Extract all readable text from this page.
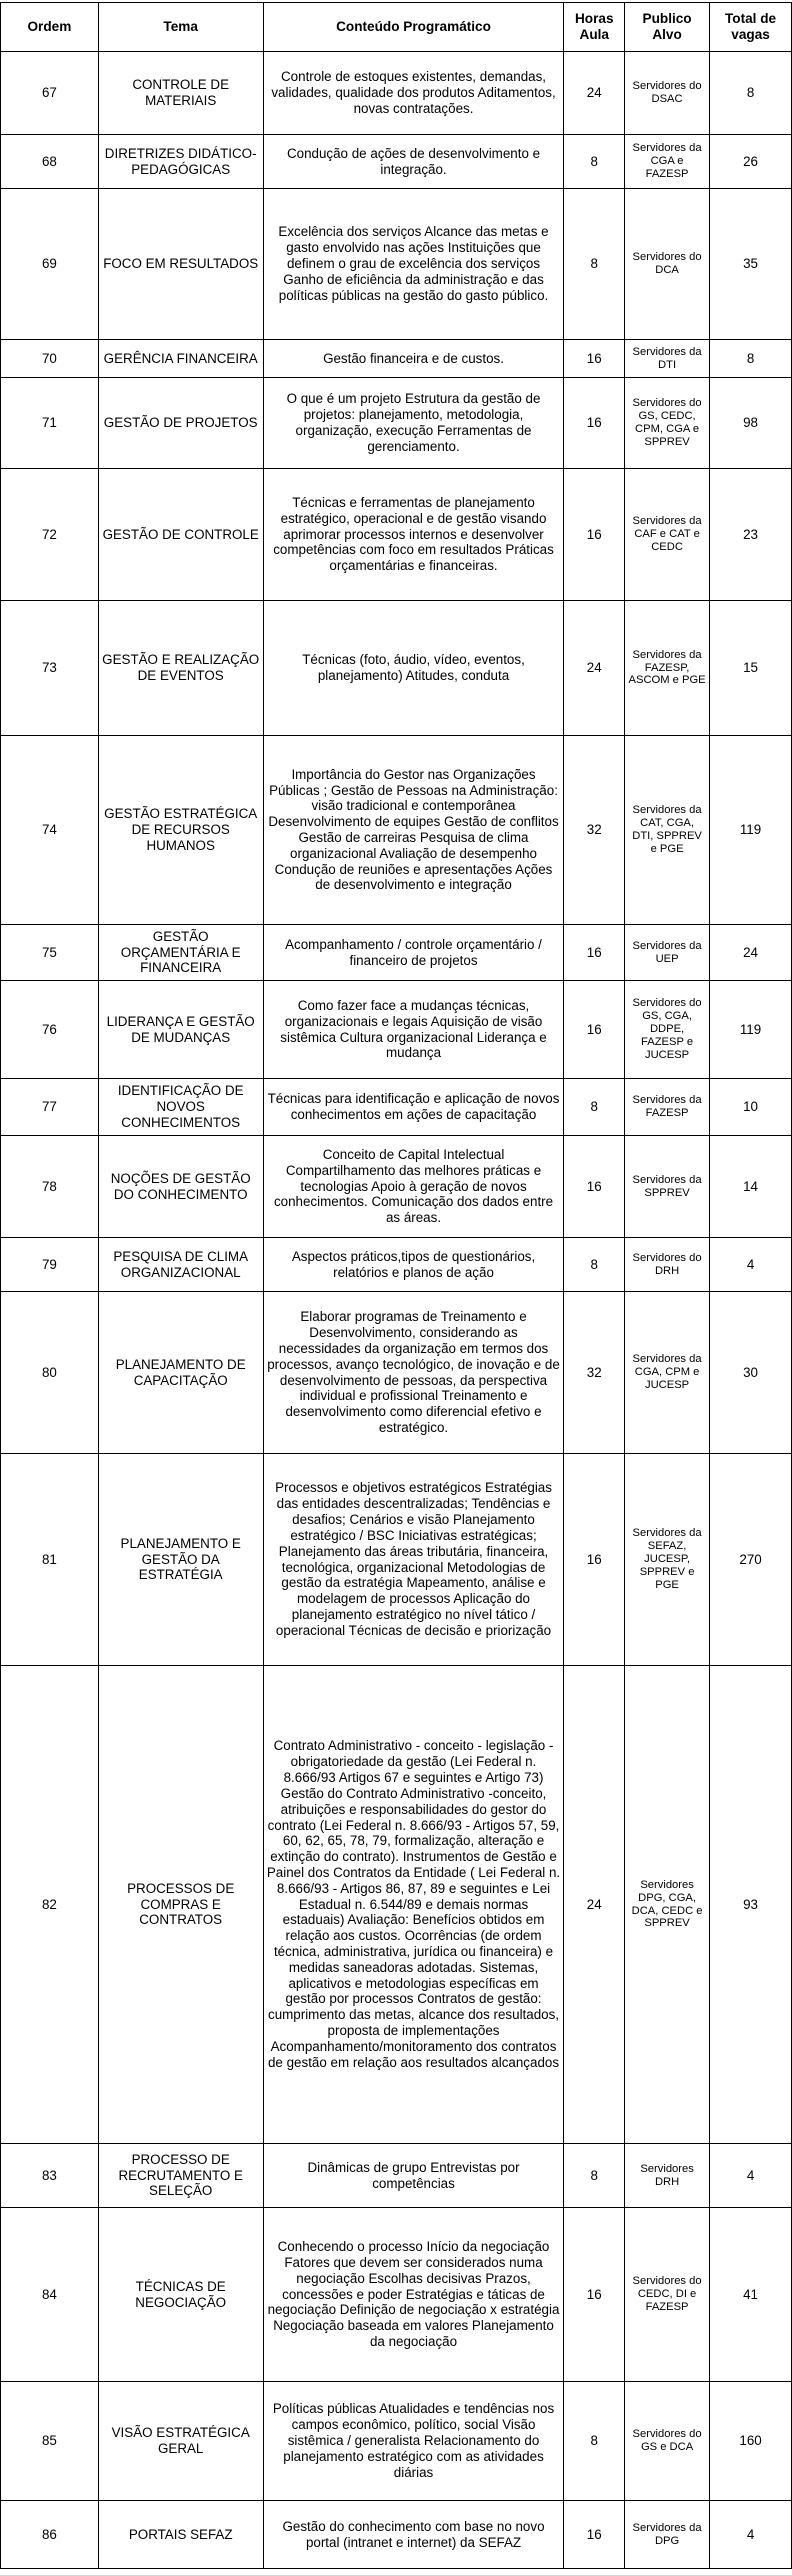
Ordem	Tema	Conteúdo Programático	Horas Aula	Publico Alvo	Total de vagas
67	CONTROLE DE MATERIAIS	Controle de estoques existentes, demandas, validades, qualidade dos produtos Aditamentos, novas contratações.	24	Servidores do DSAC	8
68	DIRETRIZES DIDÁTICO-PEDAGÓGICAS	Condução de ações de desenvolvimento e integração.	8	Servidores da CGA e FAZESP	26
69	FOCO EM RESULTADOS	Excelência dos serviços Alcance das metas e gasto envolvido nas ações Instituições que definem o grau de excelência dos serviços Ganho de eficiência da administração e das políticas públicas na gestão do gasto público.	8	Servidores do DCA	35
70	GERÊNCIA FINANCEIRA	Gestão financeira e de custos.	16	Servidores da DTI	8
71	GESTÃO DE PROJETOS	O que é um projeto Estrutura da gestão de projetos: planejamento, metodologia, organização, execução Ferramentas de gerenciamento.	16	Servidores do GS, CEDC, CPM, CGA e SPPREV	98
72	GESTÃO DE CONTROLE	Técnicas e ferramentas de planejamento estratégico, operacional e de gestão visando aprimorar processos internos e desenvolver competências com foco em resultados Práticas orçamentárias e financeiras.	16	Servidores da CAF e CAT e CEDC	23
73	GESTÃO E REALIZAÇÃO DE EVENTOS	Técnicas (foto, áudio, vídeo, eventos, planejamento) Atitudes, conduta	24	Servidores da FAZESP, ASCOM e PGE	15
74	GESTÃO ESTRATÉGICA DE RECURSOS HUMANOS	Importância do Gestor nas Organizações Públicas ; Gestão de Pessoas na Administração: visão tradicional e contemporânea Desenvolvimento de equipes Gestão de conflitos Gestão de carreiras Pesquisa de clima organizacional Avaliação de desempenho Condução de reuniões e apresentações Ações de desenvolvimento e integração	32	Servidores da CAT, CGA, DTI, SPPREV e PGE	119
75	GESTÃO ORÇAMENTÁRIA E FINANCEIRA	Acompanhamento / controle orçamentário / financeiro de projetos	16	Servidores da UEP	24
76	LIDERANÇA E GESTÃO DE MUDANÇAS	Como fazer face a mudanças técnicas, organizacionais e legais Aquisição de visão sistêmica Cultura organizacional Liderança e mudança	16	Servidores do GS, CGA, DDPE, FAZESP e JUCESP	119
77	IDENTIFICAÇÃO DE NOVOS CONHECIMENTOS	Técnicas para identificação e aplicação de novos conhecimentos em ações de capacitação	8	Servidores da FAZESP	10
78	NOÇÕES DE GESTÃO DO CONHECIMENTO	Conceito de Capital Intelectual Compartilhamento das melhores práticas e tecnologias Apoio à geração de novos conhecimentos. Comunicação dos dados entre as áreas.	16	Servidores da SPPREV	14
79	PESQUISA DE CLIMA ORGANIZACIONAL	Aspectos práticos,tipos de questionários, relatórios e planos de ação	8	Servidores do DRH	4
80	PLANEJAMENTO DE CAPACITAÇÃO	Elaborar programas de Treinamento e Desenvolvimento, considerando as necessidades da organização em termos dos processos, avanço tecnológico, de inovação e de desenvolvimento de pessoas, da perspectiva individual e profissional Treinamento e desenvolvimento como diferencial efetivo e estratégico.	32	Servidores da CGA, CPM e JUCESP	30
81	PLANEJAMENTO E GESTÃO DA ESTRATÉGIA	Processos e objetivos estratégicos Estratégias das entidades descentralizadas; Tendências e desafios; Cenários e visão Planejamento estratégico / BSC Iniciativas estratégicas; Planejamento das áreas tributária, financeira, tecnológica, organizacional Metodologias de gestão da estratégia Mapeamento, análise e modelagem de processos Aplicação do planejamento estratégico no nível tático / operacional Técnicas de decisão e priorização	16	Servidores da SEFAZ, JUCESP, SPPREV e PGE	270
82	PROCESSOS DE COMPRAS E CONTRATOS	Contrato Administrativo - conceito - legislação - obrigatoriedade da gestão (Lei Federal n. 8.666/93 Artigos 67 e seguintes e Artigo 73) Gestão do Contrato Administrativo -conceito, atribuições e responsabilidades do gestor do contrato (Lei Federal n. 8.666/93 - Artigos 57, 59, 60, 62, 65, 78, 79, formalização, alteração e extinção do contrato). Instrumentos de Gestão e Painel dos Contratos da Entidade ( Lei Federal n. 8.666/93 - Artigos 86, 87, 89 e seguintes e Lei Estadual n. 6.544/89 e demais normas estaduais) Avaliação: Benefícios obtidos em relação aos custos. Ocorrências (de ordem técnica, administrativa, jurídica ou financeira) e medidas saneadoras adotadas. Sistemas, aplicativos e metodologias específicas em gestão por processos Contratos de gestão: cumprimento das metas, alcance dos resultados, proposta de implementações Acompanhamento/monitoramento dos contratos de gestão em relação aos resultados alcançados	24	Servidores DPG, CGA, DCA, CEDC e SPPREV	93
83	PROCESSO DE RECRUTAMENTO E SELEÇÃO	Dinâmicas de grupo Entrevistas por competências	8	Servidores DRH	4
84	TÉCNICAS DE NEGOCIAÇÃO	Conhecendo o processo Início da negociação Fatores que devem ser considerados numa negociação Escolhas decisivas Prazos, concessões e poder Estratégias e táticas de negociação Definição de negociação x estratégia Negociação baseada em valores Planejamento da negociação	16	Servidores do CEDC, DI e FAZESP	41
85	VISÃO ESTRATÉGICA GERAL	Políticas públicas Atualidades e tendências nos campos econômico, político, social Visão sistêmica / generalista Relacionamento do planejamento estratégico com as atividades diárias	8	Servidores do GS e DCA	160
86	PORTAIS SEFAZ	Gestão do conhecimento com base no novo portal (intranet e internet) da SEFAZ	16	Servidores da DPG	4
